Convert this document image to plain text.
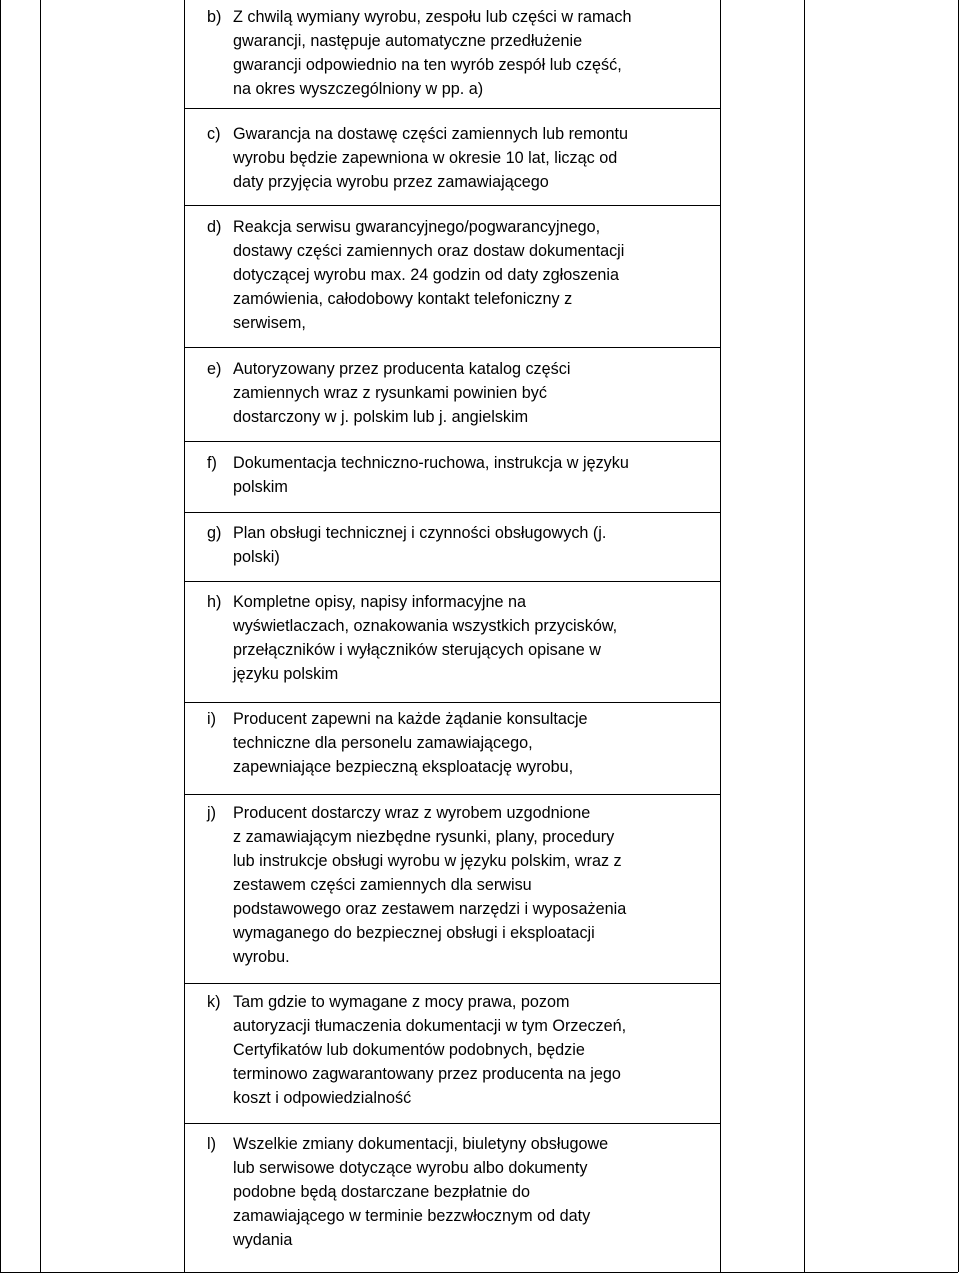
b) Z chwilą wymiany wyrobu, zespołu lub części w ramach
gwarancji, następuje automatyczne przedłużenie
gwarancji odpowiednio na ten wyrób zespół lub część,
na okres wyszczególniony w pp. a)
c) Gwarancja na dostawę części zamiennych lub remontu
wyrobu będzie zapewniona w okresie 10 lat, licząc od
daty przyjęcia wyrobu przez zamawiającego
d) Reakcja serwisu gwarancyjnego/pogwarancyjnego,
dostawy części zamiennych oraz dostaw dokumentacji
dotyczącej wyrobu max. 24 godzin od daty zgłoszenia
zamówienia, całodobowy kontakt telefoniczny z
serwisem,
e) Autoryzowany przez producenta katalog części
zamiennych wraz z rysunkami powinien być
dostarczony w j. polskim lub j. angielskim
f) Dokumentacja techniczno-ruchowa, instrukcja w języku
polskim
g) Plan obsługi technicznej i czynności obsługowych (j.
polski)
h) Kompletne opisy, napisy informacyjne na
wyświetlaczach, oznakowania wszystkich przycisków,
przełączników i wyłączników sterujących opisane w
języku polskim
i) Producent zapewni na każde żądanie konsultacje
techniczne dla personelu zamawiającego,
zapewniające bezpieczną eksploatację wyrobu,
j) Producent dostarczy wraz z wyrobem uzgodnione
z zamawiającym niezbędne rysunki, plany, procedury
lub instrukcje obsługi wyrobu w języku polskim, wraz z
zestawem części zamiennych dla serwisu
podstawowego oraz zestawem narzędzi i wyposażenia
wymaganego do bezpiecznej obsługi i eksploatacji
wyrobu.
k) Tam gdzie to wymagane z mocy prawa, pozom
autoryzacji tłumaczenia dokumentacji w tym Orzeczeń,
Certyfikatów lub dokumentów podobnych, będzie
terminowo zagwarantowany przez producenta na jego
koszt i odpowiedzialność
l) Wszelkie zmiany dokumentacji, biuletyny obsługowe
lub serwisowe dotyczące wyrobu albo dokumenty
podobne będą dostarczane bezpłatnie do
zamawiającego w terminie bezzwłocznym od daty
wydania
